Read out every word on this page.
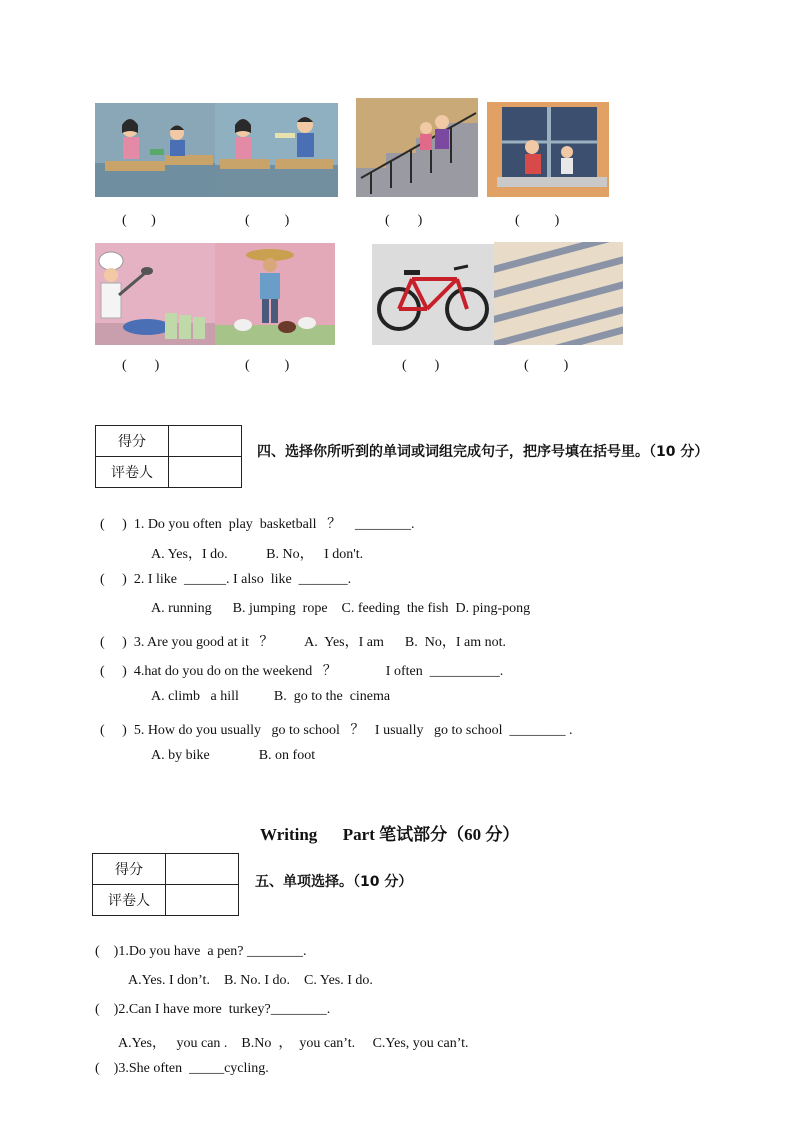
(       )	(          )	(        )	(          )
(        )	(          )	(        )	(          )
得分	
评卷人	
四、选择你所听到的单词或词组完成句子，把序号填在括号里。（10 分）
(     )  1. Do you often  play  basketball   ？    ________.
A. Yes，I do.           B. No，   I don't.
(     )  2. I like  ______. I also  like  _______.
A. running      B. jumping  rope    C. feeding  the fish  D. ping-pong
(     )  3. Are you good at it   ？         A.  Yes，I am      B.  No，I am not.
(     )  4.hat do you do on the weekend   ？              I often  __________.
A. climb   a hill          B.  go to the  cinema
(     )  5. How do you usually   go to school   ？   I usually   go to school  ________ .
A. by bike              B. on foot
Writing      Part 笔试部分（60 分）
得分	
评卷人	
五、单项选择。（10 分）
(    )1.Do you have  a pen? ________.
A.Yes. I don’t.    B. No. I do.    C. Yes. I do.
(    )2.Can I have more  turkey?________.
A.Yes，   you can .    B.No  ，  you can’t.     C.Yes, you can’t.
(    )3.She often  _____cycling.
